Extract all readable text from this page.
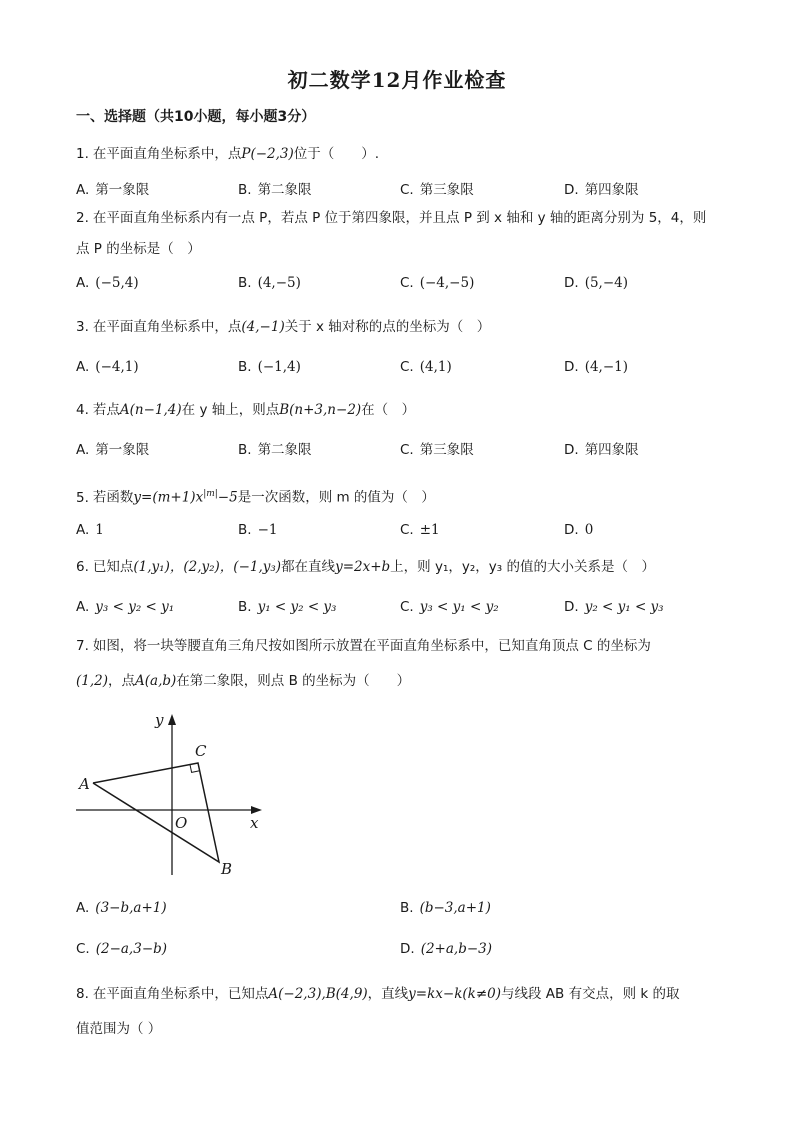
初二数学12月作业检查
一、选择题（共10小题，每小题3分）
1. 在平面直角坐标系中，点P(−2,3)位于（　　）.
A. 第一象限	B. 第二象限	C. 第三象限	D. 第四象限
2. 在平面直角坐标系内有一点 P，若点 P 位于第四象限，并且点 P 到 x 轴和 y 轴的距离分别为 5，4，则
点 P 的坐标是（　）
A. (−5,4)	B. (4,−5)	C. (−4,−5)	D. (5,−4)
3. 在平面直角坐标系中，点(4,−1)关于 x 轴对称的点的坐标为（　）
A. (−4,1)	B. (−1,4)	C. (4,1)	D. (4,−1)
4. 若点A(n−1,4)在 y 轴上，则点B(n+3,n−2)在（　）
A. 第一象限	B. 第二象限	C. 第三象限	D. 第四象限
5. 若函数$y=(m+1)x^{|m|}-5$是一次函数，则 m 的值为（　）
A. 1	B. −1	C. ±1	D. 0
6. 已知点(1,y₁)，(2,y₂)，(−1,y₃)都在直线y=2x+b上，则 y₁，y₂，y₃ 的值的大小关系是（　）
A. y₃ < y₂ < y₁	B. y₁ < y₂ < y₃	C. y₃ < y₁ < y₂	D. y₂ < y₁ < y₃
7. 如图，将一块等腰直角三角尺按如图所示放置在平面直角坐标系中，已知直角顶点 C 的坐标为
(1,2)，点A(a,b)在第二象限，则点 B 的坐标为（　　）
y
x
C
A
O
B
A. (3−b,a+1)	B. (b−3,a+1)
C. (2−a,3−b)	D. (2+a,b−3)
8. 在平面直角坐标系中，已知点A(−2,3),B(4,9)，直线y=kx−k(k≠0)与线段 AB 有交点，则 k 的取
值范围为（ ）
